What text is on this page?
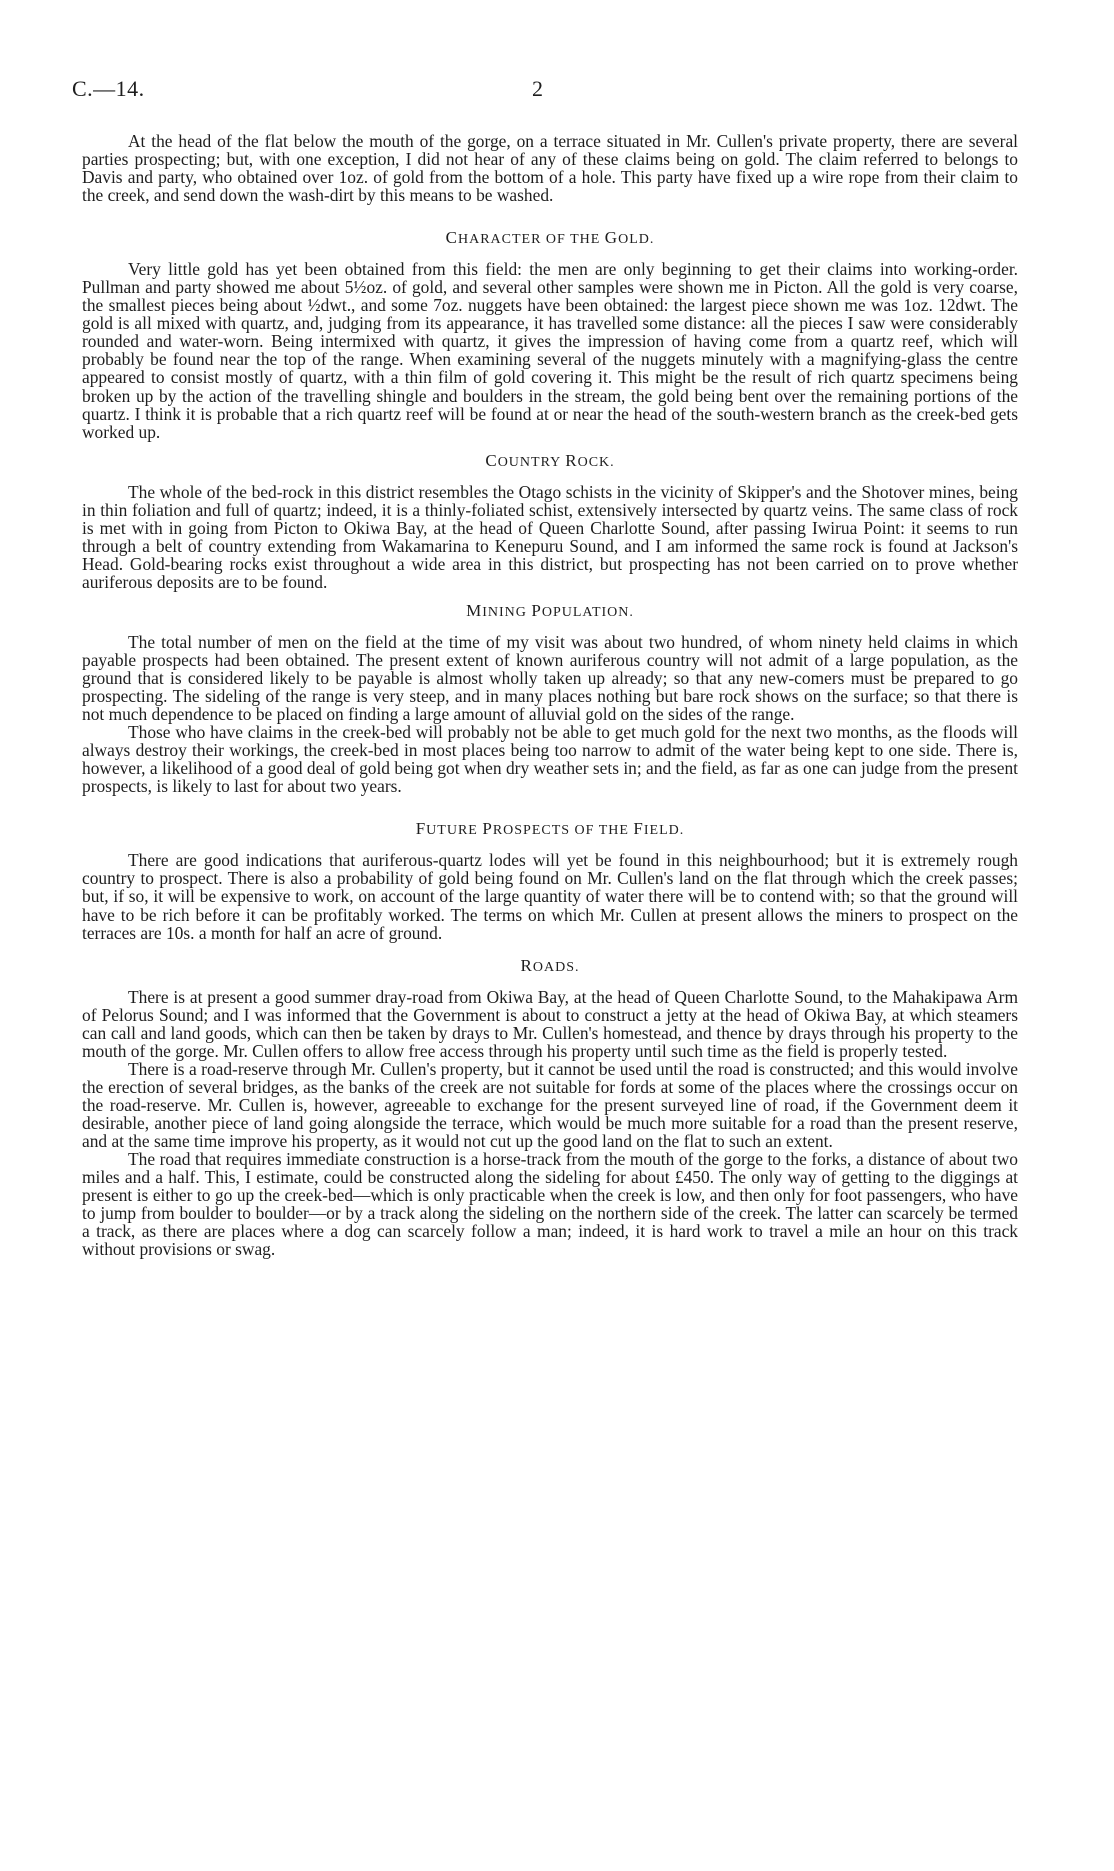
C.—14.	2

At the head of the flat below the mouth of the gorge, on a terrace situated in Mr. Cullen's private property, there are several parties prospecting; but, with one exception, I did not hear of any of these claims being on gold. The claim referred to belongs to Davis and party, who obtained over 1oz. of gold from the bottom of a hole. This party have fixed up a wire rope from their claim to the creek, and send down the wash-dirt by this means to be washed.

CHARACTER OF THE GOLD.

Very little gold has yet been obtained from this field: the men are only beginning to get their claims into working-order. Pullman and party showed me about 5½oz. of gold, and several other samples were shown me in Picton. All the gold is very coarse, the smallest pieces being about ½dwt., and some 7oz. nuggets have been obtained: the largest piece shown me was 1oz. 12dwt. The gold is all mixed with quartz, and, judging from its appearance, it has travelled some distance: all the pieces I saw were considerably rounded and water-worn. Being intermixed with quartz, it gives the impression of having come from a quartz reef, which will probably be found near the top of the range. When examining several of the nuggets minutely with a magnifying-glass the centre appeared to consist mostly of quartz, with a thin film of gold covering it. This might be the result of rich quartz specimens being broken up by the action of the travelling shingle and boulders in the stream, the gold being bent over the remaining portions of the quartz. I think it is probable that a rich quartz reef will be found at or near the head of the south-western branch as the creek-bed gets worked up.

COUNTRY ROCK.

The whole of the bed-rock in this district resembles the Otago schists in the vicinity of Skipper's and the Shotover mines, being in thin foliation and full of quartz; indeed, it is a thinly-foliated schist, extensively intersected by quartz veins. The same class of rock is met with in going from Picton to Okiwa Bay, at the head of Queen Charlotte Sound, after passing Iwirua Point: it seems to run through a belt of country extending from Wakamarina to Kenepuru Sound, and I am informed the same rock is found at Jackson's Head. Gold-bearing rocks exist throughout a wide area in this district, but prospecting has not been carried on to prove whether auriferous deposits are to be found.

MINING POPULATION.

The total number of men on the field at the time of my visit was about two hundred, of whom ninety held claims in which payable prospects had been obtained. The present extent of known auriferous country will not admit of a large population, as the ground that is considered likely to be payable is almost wholly taken up already; so that any new-comers must be prepared to go prospecting. The sideling of the range is very steep, and in many places nothing but bare rock shows on the surface; so that there is not much dependence to be placed on finding a large amount of alluvial gold on the sides of the range.

Those who have claims in the creek-bed will probably not be able to get much gold for the next two months, as the floods will always destroy their workings, the creek-bed in most places being too narrow to admit of the water being kept to one side. There is, however, a likelihood of a good deal of gold being got when dry weather sets in; and the field, as far as one can judge from the present prospects, is likely to last for about two years.

FUTURE PROSPECTS OF THE FIELD.

There are good indications that auriferous-quartz lodes will yet be found in this neighbourhood; but it is extremely rough country to prospect. There is also a probability of gold being found on Mr. Cullen's land on the flat through which the creek passes; but, if so, it will be expensive to work, on account of the large quantity of water there will be to contend with; so that the ground will have to be rich before it can be profitably worked. The terms on which Mr. Cullen at present allows the miners to prospect on the terraces are 10s. a month for half an acre of ground.

ROADS.

There is at present a good summer dray-road from Okiwa Bay, at the head of Queen Charlotte Sound, to the Mahakipawa Arm of Pelorus Sound; and I was informed that the Government is about to construct a jetty at the head of Okiwa Bay, at which steamers can call and land goods, which can then be taken by drays to Mr. Cullen's homestead, and thence by drays through his property to the mouth of the gorge. Mr. Cullen offers to allow free access through his property until such time as the field is properly tested.

There is a road-reserve through Mr. Cullen's property, but it cannot be used until the road is constructed; and this would involve the erection of several bridges, as the banks of the creek are not suitable for fords at some of the places where the crossings occur on the road-reserve. Mr. Cullen is, however, agreeable to exchange for the present surveyed line of road, if the Government deem it desirable, another piece of land going alongside the terrace, which would be much more suitable for a road than the present reserve, and at the same time improve his property, as it would not cut up the good land on the flat to such an extent.

The road that requires immediate construction is a horse-track from the mouth of the gorge to the forks, a distance of about two miles and a half. This, I estimate, could be constructed along the sideling for about £450. The only way of getting to the diggings at present is either to go up the creek-bed—which is only practicable when the creek is low, and then only for foot passengers, who have to jump from boulder to boulder—or by a track along the sideling on the northern side of the creek. The latter can scarcely be termed a track, as there are places where a dog can scarcely follow a man; indeed, it is hard work to travel a mile an hour on this track without provisions or swag.
